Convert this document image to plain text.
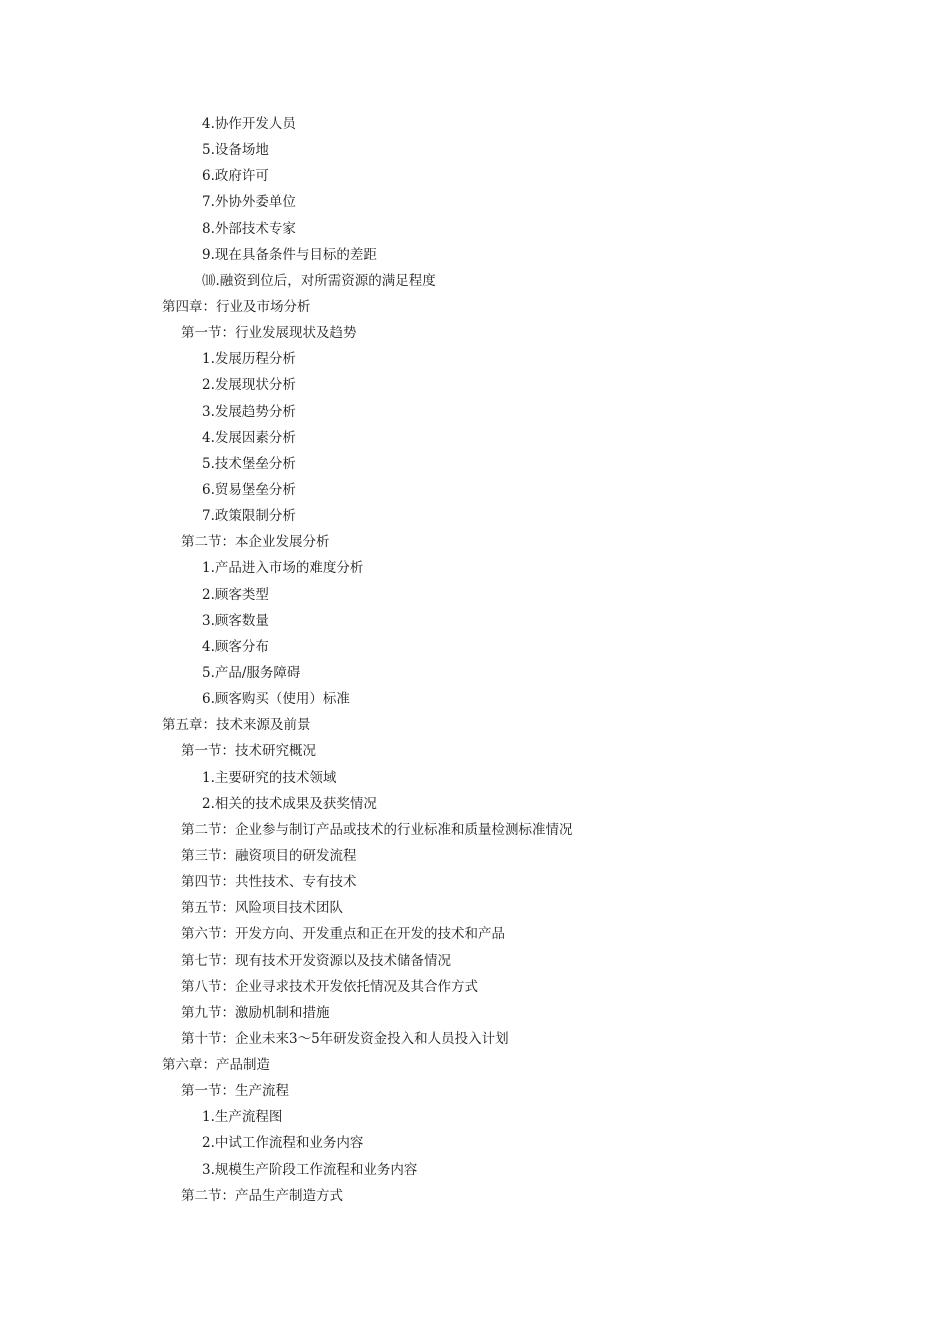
4.协作开发人员
5.设备场地
6.政府许可
7.外协外委单位
8.外部技术专家
9.现在具备条件与目标的差距
⑽.融资到位后，对所需资源的满足程度
第四章：行业及市场分析
第一节：行业发展现状及趋势
1.发展历程分析
2.发展现状分析
3.发展趋势分析
4.发展因素分析
5.技术堡垒分析
6.贸易堡垒分析
7.政策限制分析
第二节：本企业发展分析
1.产品进入市场的难度分析
2.顾客类型
3.顾客数量
4.顾客分布
5.产品/服务障碍
6.顾客购买（使用）标准
第五章：技术来源及前景
第一节：技术研究概况
1.主要研究的技术领域
2.相关的技术成果及获奖情况
第二节：企业参与制订产品或技术的行业标准和质量检测标准情况
第三节：融资项目的研发流程
第四节：共性技术、专有技术
第五节：风险项目技术团队
第六节：开发方向、开发重点和正在开发的技术和产品
第七节：现有技术开发资源以及技术储备情况
第八节：企业寻求技术开发依托情况及其合作方式
第九节：激励机制和措施
第十节：企业未来3～5年研发资金投入和人员投入计划
第六章：产品制造
第一节：生产流程
1.生产流程图
2.中试工作流程和业务内容
3.规模生产阶段工作流程和业务内容
第二节：产品生产制造方式
